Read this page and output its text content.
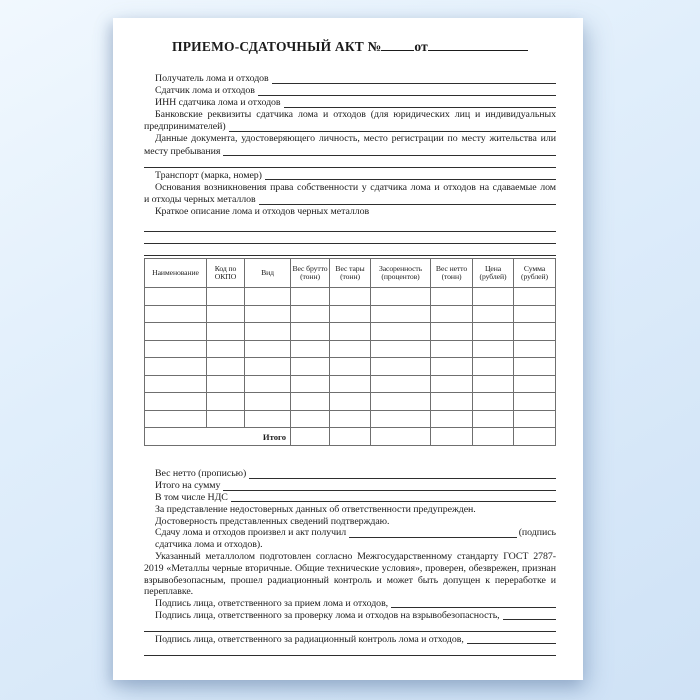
ПРИЕМО-СДАТОЧНЫЙ АКТ № от
Получатель лома и отходов
Сдатчик лома и отходов
ИНН сдатчика лома и отходов
Банковские реквизиты сдатчика лома и отходов (для юридических лиц и индивидуальных
предпринимателей)
Данные документа, удостоверяющего личность, место регистрации по месту жительства или
месту пребывания
Транспорт (марка, номер)
Основания возникновения права собственности у сдатчика лома и отходов на сдаваемые лом
и отходы черных металлов
Краткое описание лома и отходов черных металлов
Наименование	Код по ОКПО	Вид	Вес брутто (тонн)	Вес тары (тонн)	Засоренность (процентов)	Вес нетто (тонн)	Цена (рублей)	Сумма (рублей)

Итого								
Вес нетто (прописью)
Итого на сумму
В том числе НДС
За представление недостоверных данных об ответственности предупрежден.
Достоверность представленных сведений подтверждаю.
Сдачу лома и отходов произвел и акт получил	(подпись
сдатчика лома и отходов).
Указанный металлолом подготовлен согласно Межгосударственному стандарту ГОСТ 2787-
2019 «Металлы черные вторичные. Общие технические условия», проверен, обезврежен, признан
взрывобезопасным, прошел радиационный контроль и может быть допущен к переработке и
переплавке.
Подпись лица, ответственного за прием лома и отходов,
Подпись лица, ответственного за проверку лома и отходов на взрывобезопасность,
Подпись лица, ответственного за радиационный контроль лома и отходов,
